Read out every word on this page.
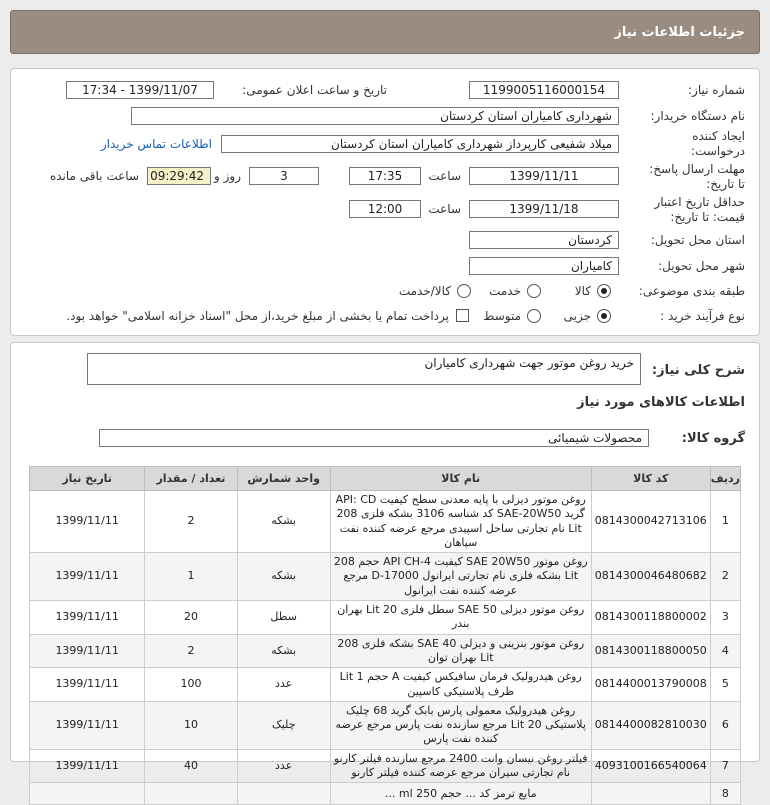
جزئیات اطلاعات نیاز
شماره نیاز:
1199005116000154
تاریخ و ساعت اعلان عمومی:
1399/11/07 - 17:34
نام دستگاه خریدار:
شهرداری کامیاران استان کردستان
ایجاد کننده
درخواست:
میلاد شفیعی کارپرداز شهرداری کامیاران استان کردستان
اطلاعات تماس خریدار
مهلت ارسال پاسخ:
تا تاریخ:
1399/11/11
ساعت
17:35
3
روز و
09:29:42
ساعت باقی مانده
حداقل تاریخ اعتبار
قیمت: تا تاریخ:
1399/11/18
ساعت
12:00
استان محل تحویل:
کردستان
شهر محل تحویل:
کامیاران
طبقه بندی موضوعی:
کالا
خدمت
کالا/خدمت
نوع فرآیند خرید :
جزیی
متوسط
پرداخت تمام یا بخشی از مبلغ خرید،از محل "اسناد خزانه اسلامی" خواهد بود.
شرح کلی نیاز:
خرید روغن موتور جهت شهرداری کامیاران
اطلاعات کالاهای مورد نیاز
گروه کالا:
محصولات شیمیائی
ردیف	کد کالا	نام کالا	واحد شمارش	تعداد / مقدار	تاریخ نیاز
1	0814300042713106	روغن موتور دیزلی با پایه معدنی سطح کیفیت API: CD گرید SAE-20W50 کد شناسه 3106 بشکه فلزی 208 Lit نام تجارتی ساحل اسپیدی مرجع عرضه کننده نفت سپاهان	بشکه	2	1399/11/11
2	0814300046480682	روغن موتور SAE 20W50 کیفیت API CH-4 حجم 208 Lit بشکه فلزی نام تجارتی ایرانول D-17000 مرجع عرضه کننده نفت ایرانول	بشکه	1	1399/11/11
3	0814300118800002	روغن موتور دیزلی SAE 50 سطل فلزی 20 Lit بهران بندر	سطل	20	1399/11/11
4	0814300118800050	روغن موتور بنزینی و دیزلی SAE 40 بشکه فلزی 208 Lit بهران توان	بشکه	2	1399/11/11
5	0814400013790008	روغن هیدرولیک فرمان سافیکس کیفیت A حجم 1 Lit ظرف پلاستیکی کاسپین	عدد	100	1399/11/11
6	0814400082810030	روغن هیدرولیک معمولی پارس بابک گرید 68 چلیک پلاستیکی 20 Lit مرجع سازنده نفت پارس مرجع عرضه کننده نفت پارس	چلیک	10	1399/11/11
7	4093100166540064	فیلتر روغن نیسان وانت 2400 مرجع سازنده فیلتر کارنو نام تجارتی سیران مرجع عرضه کننده فیلتر کارنو	عدد	40	1399/11/11
8		مایع ترمز کد ... حجم 250 ml ...			
